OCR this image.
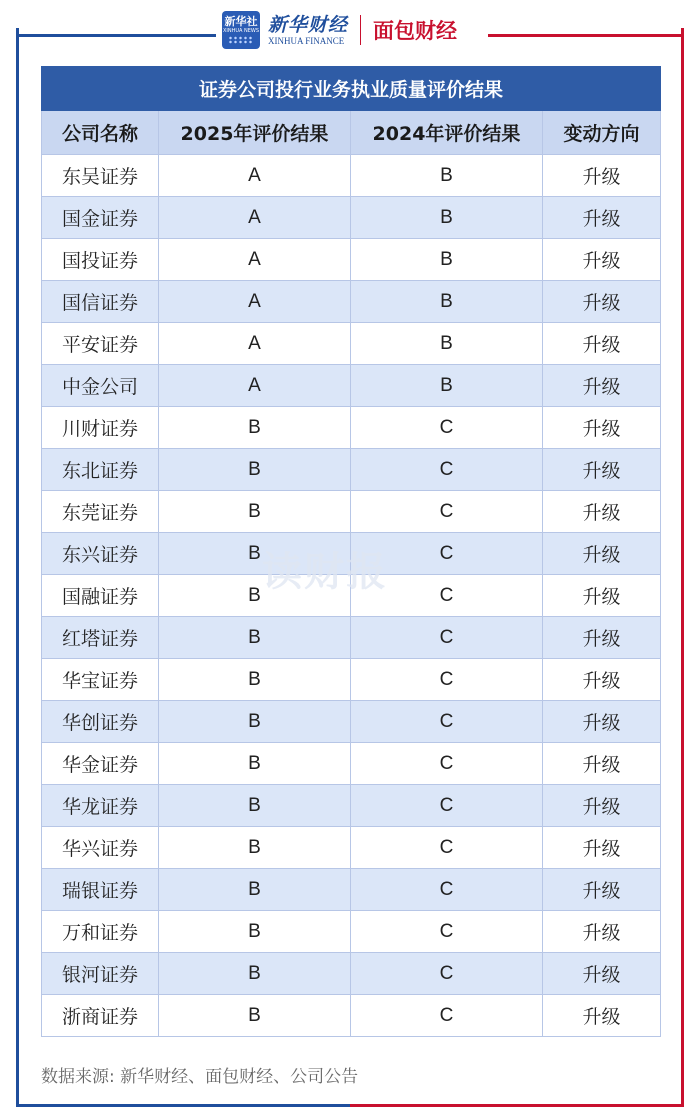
新华社
XINHUA NEWS 新华财经
XINHUA FINANCE 面包财经
证券公司投行业务执业质量评价结果			
公司名称	2025年评价结果	2024年评价结果	变动方向
东吴证券	A	B	升级
国金证券	A	B	升级
国投证券	A	B	升级
国信证券	A	B	升级
平安证券	A	B	升级
中金公司	A	B	升级
川财证券	B	C	升级
东北证券	B	C	升级
东莞证券	B	C	升级
东兴证券	B	C	升级
国融证券	B	C	升级
红塔证券	B	C	升级
华宝证券	B	C	升级
华创证券	B	C	升级
华金证券	B	C	升级
华龙证券	B	C	升级
华兴证券	B	C	升级
瑞银证券	B	C	升级
万和证券	B	C	升级
银河证券	B	C	升级
浙商证券	B	C	升级
读财报
数据来源: 新华财经、面包财经、公司公告
